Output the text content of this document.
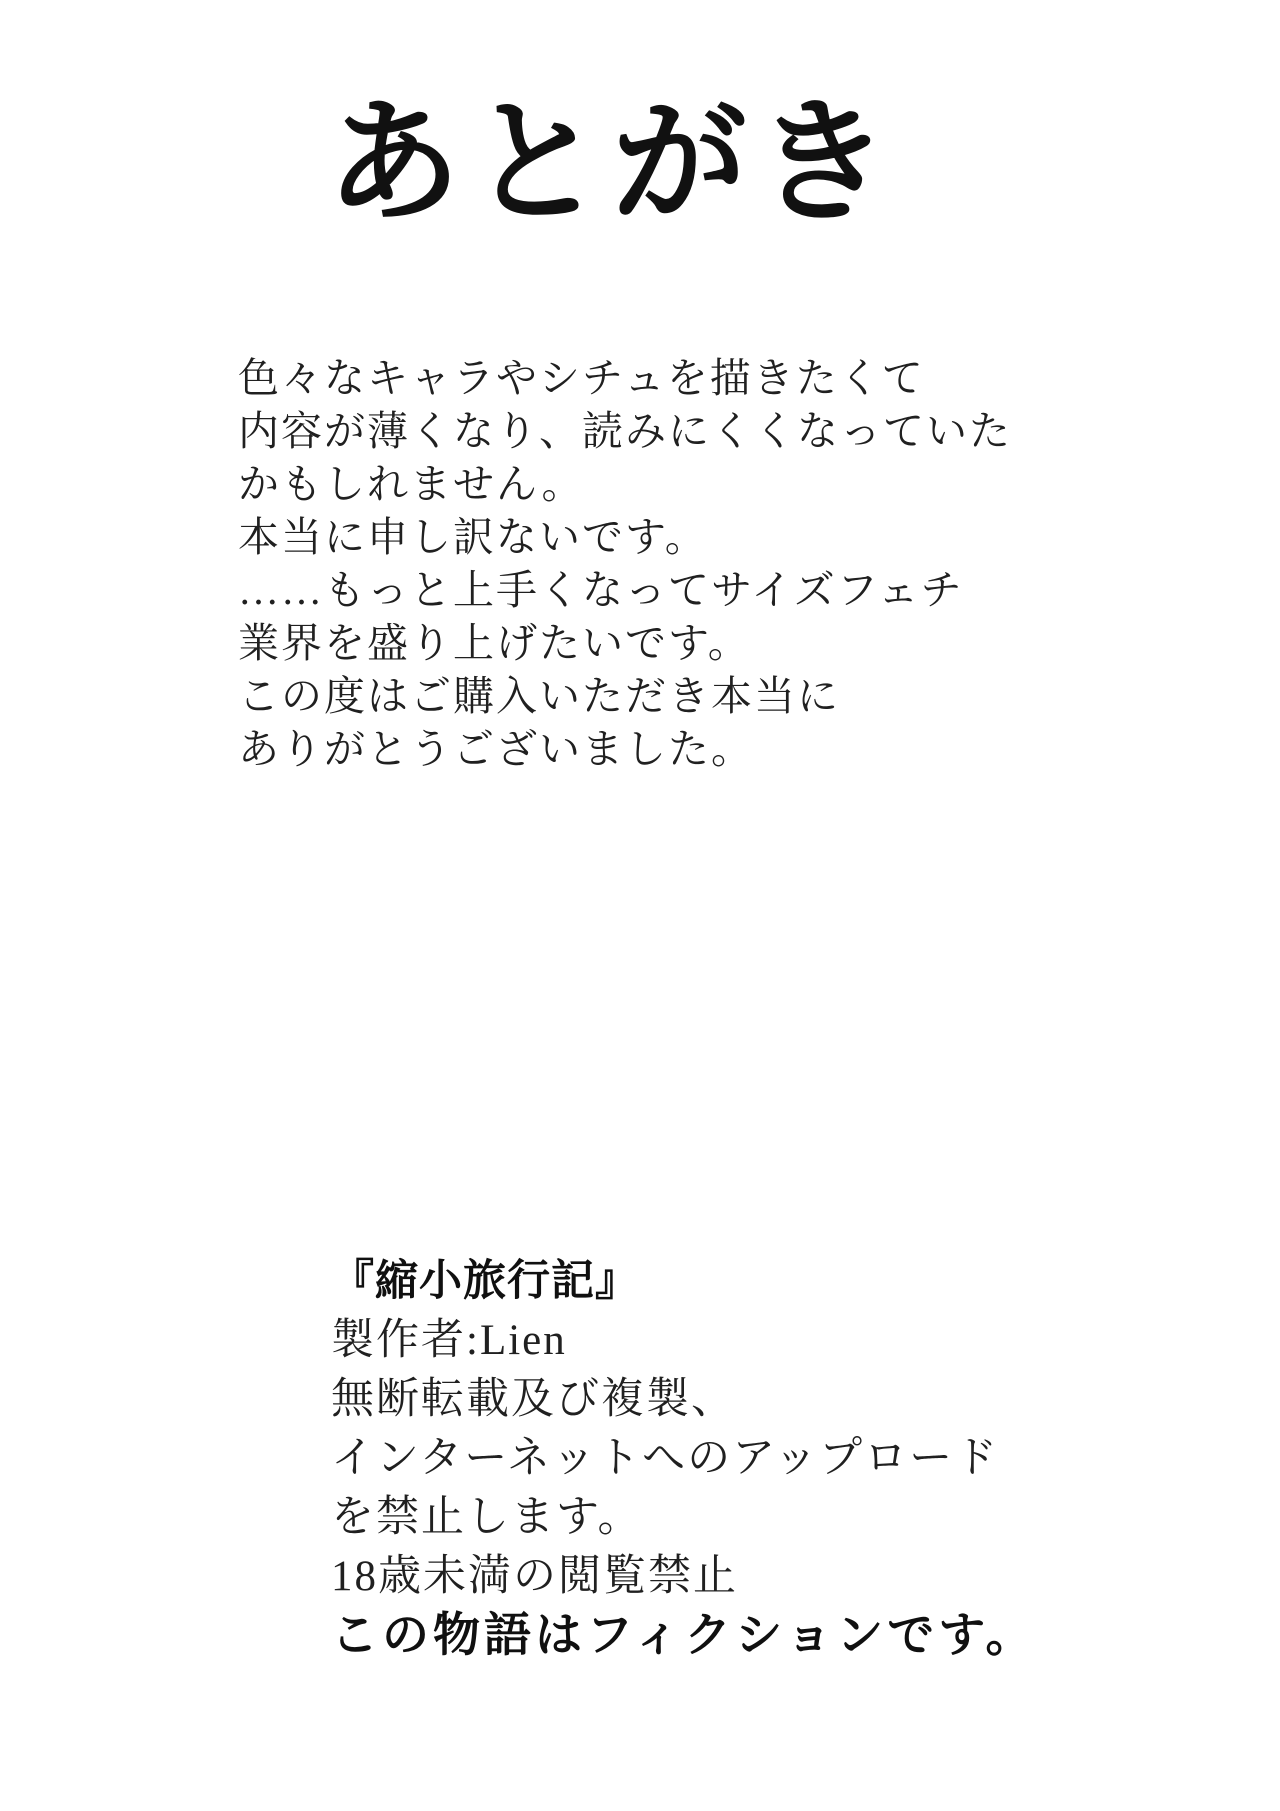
あとがき
色々なキャラやシチュを描きたくて
内容が薄くなり、読みにくくなっていた
かもしれません。
本当に申し訳ないです。
……もっと上手くなってサイズフェチ
業界を盛り上げたいです。
この度はご購入いただき本当に
ありがとうございました。
『縮小旅行記』
製作者:Lien
無断転載及び複製、
インターネットへのアップロード
を禁止します。
18歳未満の閲覧禁止
この物語はフィクションです。
